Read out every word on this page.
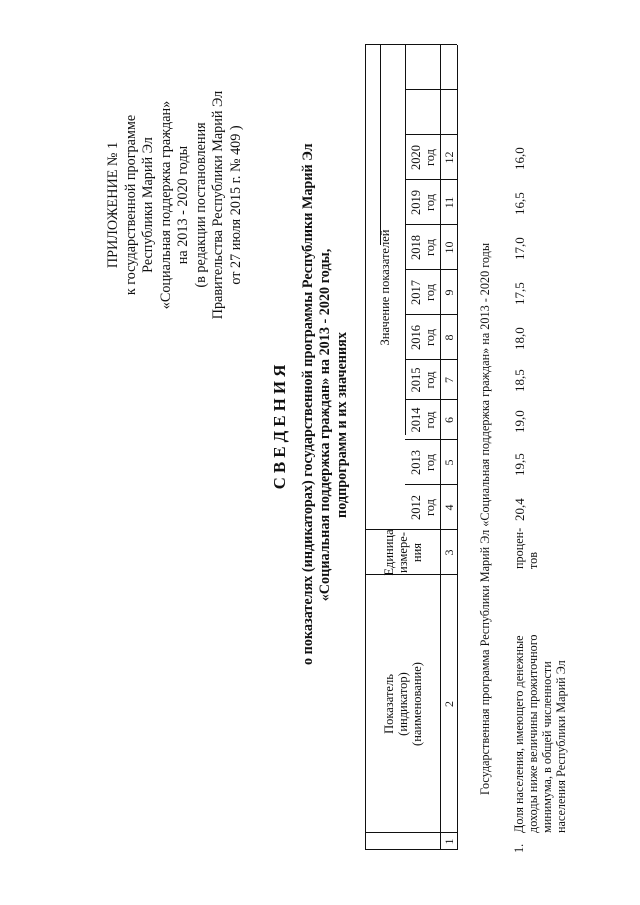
ПРИЛОЖЕНИЕ № 1 к государственной программе Республики Марий Эл «Социальная поддержка граждан» на 2013 - 2020 годы (в редакции постановления Правительства Республики Марий Эл от 27 июля 2015 г. № 409 )
СВЕДЕНИЯ о показателях (индикаторах) государственной программы Республики Марий Эл «Социальная поддержка граждан» на 2013 - 2020 годы, подпрограмм и их значениях
Показатель (индикатор) (наименование)
Единица измере- ния
Значение показателей
2012 год
2013 год
2014 год
2015 год
2016 год
2017 год
2018 год
2019 год
2020 год
1
2
3
4
5
6
7
8
9
10
11
12
Государственная программа Республики Марий Эл «Социальная поддержка граждан» на 2013 - 2020 годы
1.
Доля населения, имеющего денежные доходы ниже величины прожиточного минимума, в общей численности населения Республики Марий Эл
процен- тов
20,4
19,5
19,0
18,5
18,0
17,5
17,0
16,5
16,0
